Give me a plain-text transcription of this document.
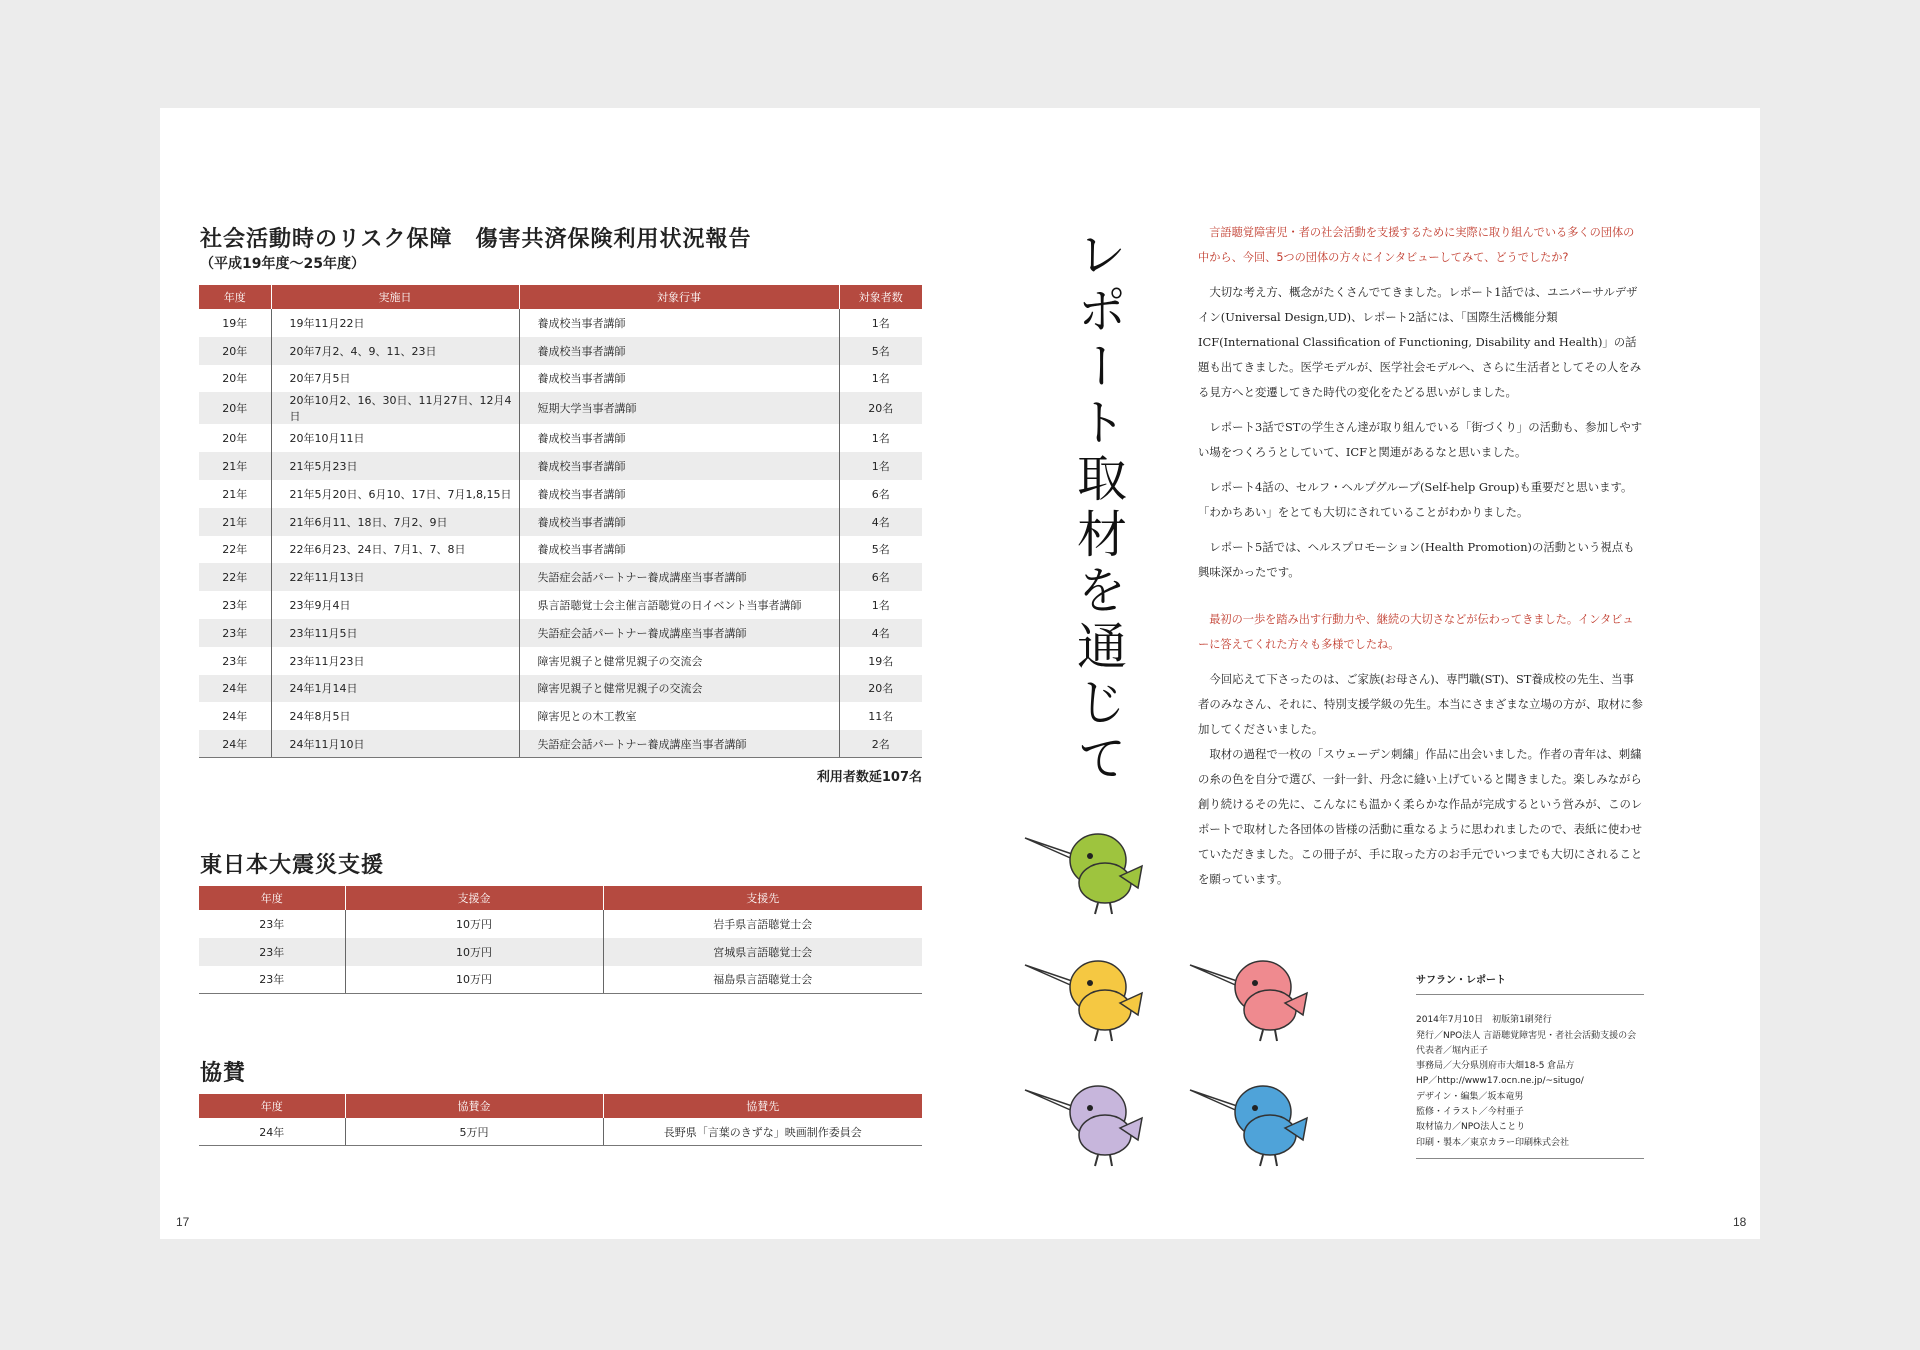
社会活動時のリスク保障　傷害共済保険利用状況報告
（平成19年度〜25年度）
年度	実施日	対象行事	対象者数
19年	19年11月22日	養成校当事者講師	1名
20年	20年7月2、4、9、11、23日	養成校当事者講師	5名
20年	20年7月5日	養成校当事者講師	1名
20年	20年10月2、16、30日、11月27日、12月4日	短期大学当事者講師	20名
20年	20年10月11日	養成校当事者講師	1名
21年	21年5月23日	養成校当事者講師	1名
21年	21年5月20日、6月10、17日、7月1,8,15日	養成校当事者講師	6名
21年	21年6月11、18日、7月2、9日	養成校当事者講師	4名
22年	22年6月23、24日、7月1、7、8日	養成校当事者講師	5名
22年	22年11月13日	失語症会話パートナー養成講座当事者講師	6名
23年	23年9月4日	県言語聴覚士会主催言語聴覚の日イベント当事者講師	1名
23年	23年11月5日	失語症会話パートナー養成講座当事者講師	4名
23年	23年11月23日	障害児親子と健常児親子の交流会	19名
24年	24年1月14日	障害児親子と健常児親子の交流会	20名
24年	24年8月5日	障害児との木工教室	11名
24年	24年11月10日	失語症会話パートナー養成講座当事者講師	2名
利用者数延107名
東日本大震災支援
年度	支援金	支援先
23年	10万円	岩手県言語聴覚士会
23年	10万円	宮城県言語聴覚士会
23年	10万円	福島県言語聴覚士会
協賛
年度	協賛金	協賛先
24年	5万円	長野県「言葉のきずな」映画制作委員会
17
レポート取材を通じて	言語聴覚障害児・者の社会活動を支援するために実際に取り組んでいる多くの団体の中から、今回、5つの団体の方々にインタビューしてみて、どうでしたか?

大切な考え方、概念がたくさんでてきました。レポート1話では、ユニバーサルデザイン(Universal Design,UD)、レポート2話には、「国際生活機能分類ICF(International Classification of Functioning, Disability and Health)」の話題も出てきました。医学モデルが、医学社会モデルへ、さらに生活者としてその人をみる見方へと変遷してきた時代の変化をたどる思いがしました。

レポート3話でSTの学生さん達が取り組んでいる「街づくり」の活動も、参加しやすい場をつくろうとしていて、ICFと関連があるなと思いました。

レポート4話の、セルフ・ヘルプグループ(Self-help Group)も重要だと思います。「わかちあい」をとても大切にされていることがわかりました。

レポート5話では、ヘルスプロモーション(Health Promotion)の活動という視点も興味深かったです。

最初の一歩を踏み出す行動力や、継続の大切さなどが伝わってきました。インタビューに答えてくれた方々も多様でしたね。

今回応えて下さったのは、ご家族(お母さん)、専門職(ST)、ST養成校の先生、当事者のみなさん、それに、特別支援学級の先生。本当にさまざまな立場の方が、取材に参加してくださいました。

取材の過程で一枚の「スウェーデン刺繍」作品に出会いました。作者の青年は、刺繍の糸の色を自分で選び、一針一針、丹念に縫い上げていると聞きました。楽しみながら創り続けるその先に、こんなにも温かく柔らかな作品が完成するという営みが、このレポートで取材した各団体の皆様の活動に重なるように思われましたので、表紙に使わせていただきました。この冊子が、手に取った方のお手元でいつまでも大切にされることを願っています。

サフラン・レポート
2014年7月10日　初版第1刷発行
発行／NPO法人 言語聴覚障害児・者社会活動支援の会
代表者／堀内正子
事務局／大分県別府市大畑18-5 倉品方
HP／http://www17.ocn.ne.jp/~situgo/
デザイン・編集／坂本竜男
監修・イラスト／今村亜子
取材協力／NPO法人ことり
印刷・製本／東京カラー印刷株式会社
18
